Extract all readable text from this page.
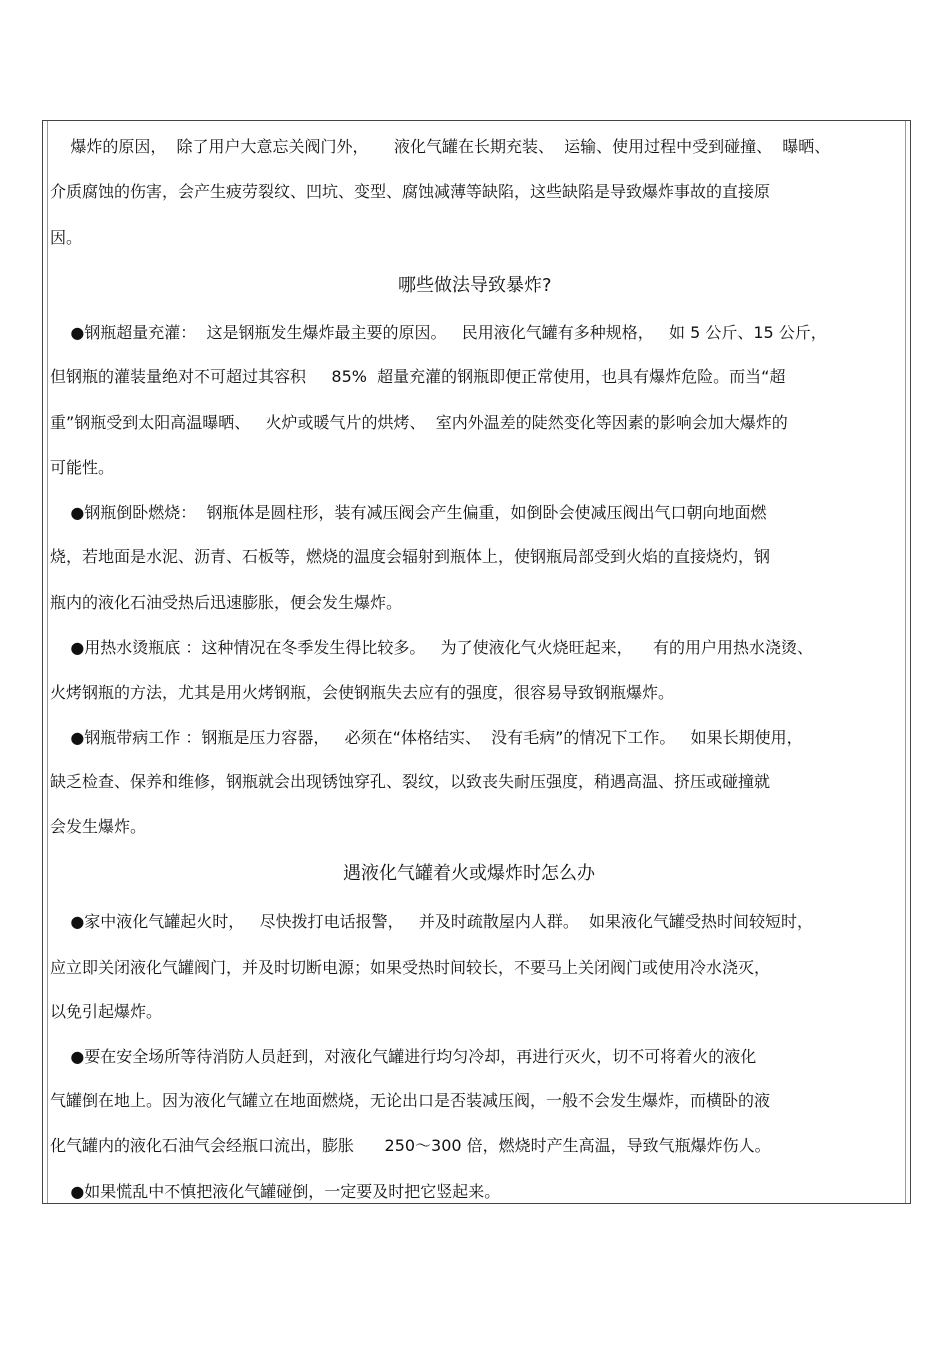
爆炸的原因，  除了用户大意忘关阀门外，     液化气罐在长期充装、  运输、使用过程中受到碰撞、  曝晒、
介质腐蚀的伤害，会产生疲劳裂纹、凹坑、变型、腐蚀减薄等缺陷，这些缺陷是导致爆炸事故的直接原
因。
哪些做法导致暴炸?
●钢瓶超量充灌：  这是钢瓶发生爆炸最主要的原因。   民用液化气罐有多种规格，   如 5 公斤、15 公斤，
但钢瓶的灌装量绝对不可超过其容积     85%  超量充灌的钢瓶即便正常使用，也具有爆炸危险。而当“超
重”钢瓶受到太阳高温曝晒、   火炉或暖气片的烘烤、  室内外温差的陡然变化等因素的影响会加大爆炸的
可能性。
●钢瓶倒卧燃烧：  钢瓶体是圆柱形，装有减压阀会产生偏重，如倒卧会使减压阀出气口朝向地面燃
烧，若地面是水泥、沥青、石板等，燃烧的温度会辐射到瓶体上，使钢瓶局部受到火焰的直接烧灼，钢
瓶内的液化石油受热后迅速膨胀，便会发生爆炸。
●用热水烫瓶底 ：这种情况在冬季发生得比较多。   为了使液化气火烧旺起来，    有的用户用热水浇烫、
火烤钢瓶的方法，尤其是用火烤钢瓶，会使钢瓶失去应有的强度，很容易导致钢瓶爆炸。
●钢瓶带病工作 ：钢瓶是压力容器，   必须在“体格结实、  没有毛病”的情况下工作。   如果长期使用，
缺乏检查、保养和维修，钢瓶就会出现锈蚀穿孔、裂纹，以致丧失耐压强度，稍遇高温、挤压或碰撞就
会发生爆炸。
遇液化气罐着火或爆炸时怎么办
●家中液化气罐起火时，   尽快拨打电话报警，   并及时疏散屋内人群。  如果液化气罐受热时间较短时，
应立即关闭液化气罐阀门，并及时切断电源；如果受热时间较长，不要马上关闭阀门或使用冷水浇灭，
以免引起爆炸。
●要在安全场所等待消防人员赶到，对液化气罐进行均匀冷却，再进行灭火，切不可将着火的液化
气罐倒在地上。因为液化气罐立在地面燃烧，无论出口是否装减压阀，一般不会发生爆炸，而横卧的液
化气罐内的液化石油气会经瓶口流出，膨胀      250～300 倍，燃烧时产生高温，导致气瓶爆炸伤人。
●如果慌乱中不慎把液化气罐碰倒，一定要及时把它竖起来。
